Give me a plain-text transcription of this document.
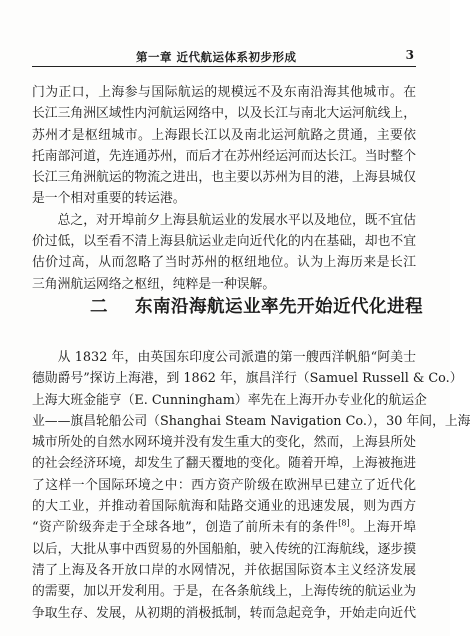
第一章 近代航运体系初步形成	3
门为正口，上海参与国际航运的规模远不及东南沿海其他城市。在
长江三角洲区域性内河航运网络中，以及长江与南北大运河航线上，
苏州才是枢纽城市。上海跟长江以及南北运河航路之贯通，主要依
托南部河道，先连通苏州，而后才在苏州经运河而达长江。当时整个
长江三角洲航运的物流之进出，也主要以苏州为目的港，上海县城仅
是一个相对重要的转运港。
总之，对开埠前夕上海县航运业的发展水平以及地位，既不宜估
价过低，以至看不清上海县航运业走向近代化的内在基础，却也不宜
估价过高，从而忽略了当时苏州的枢纽地位。认为上海历来是长江
三角洲航运网络之枢纽，纯粹是一种误解。
二 东南沿海航运业率先开始近代化进程
从 1832 年，由英国东印度公司派遣的第一艘西洋帆船“阿美士
德勋爵号”探访上海港，到 1862 年，旗昌洋行（Samuel Russell & Co.）
上海大班金能亨（E. Cunningham）率先在上海开办专业化的航运企
业——旗昌轮船公司（Shanghai Steam Navigation Co.），30 年间，上海
城市所处的自然水网环境并没有发生重大的变化，然而，上海县所处
的社会经济环境，却发生了翻天覆地的变化。随着开埠，上海被拖进
了这样一个国际环境之中：西方资产阶级在欧洲早已建立了近代化
的大工业，并推动着国际航海和陆路交通业的迅速发展，则为西方
“资产阶级奔走于全球各地”，创造了前所未有的条件[8]。上海开埠
以后，大批从事中西贸易的外国船舶，驶入传统的江海航线，逐步摸
清了上海及各开放口岸的水网情况，并依据国际资本主义经济发展
的需要，加以开发利用。于是，在各条航线上，上海传统的航运业为
争取生存、发展，从初期的消极抵制，转而急起竞争，开始走向近代
